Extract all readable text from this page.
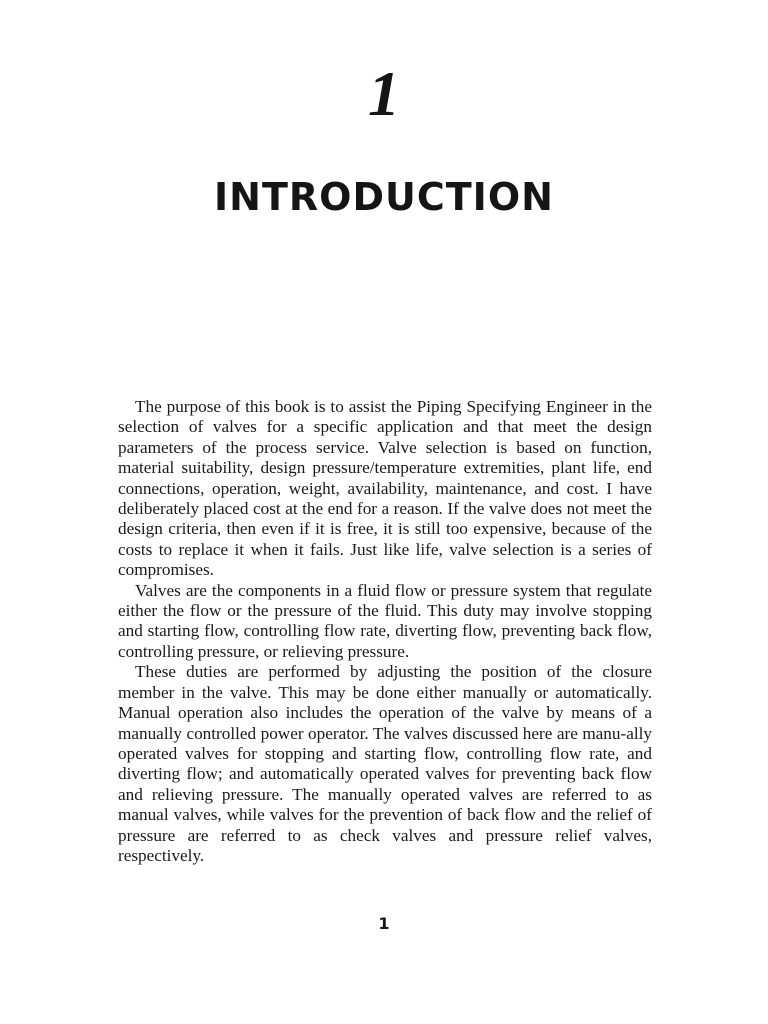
1
INTRODUCTION

The purpose of this book is to assist the Piping Specifying Engineer in the selection of valves for a specific application and that meet the design parameters of the process service. Valve selection is based on function, material suitability, design pressure/temperature extremities, plant life, end connections, operation, weight, availability, maintenance, and cost. I have deliberately placed cost at the end for a reason. If the valve does not meet the design criteria, then even if it is free, it is still too expensive, because of the costs to replace it when it fails. Just like life, valve selection is a series of compromises.

Valves are the components in a fluid flow or pressure system that regulate either the flow or the pressure of the fluid. This duty may involve stopping and starting flow, controlling flow rate, diverting flow, preventing back flow, controlling pressure, or relieving pressure.

These duties are performed by adjusting the position of the closure member in the valve. This may be done either manually or automatically. Manual operation also includes the operation of the valve by means of a manually controlled power operator. The valves discussed here are manu-ally operated valves for stopping and starting flow, controlling flow rate, and diverting flow; and automatically operated valves for preventing back flow and relieving pressure. The manually operated valves are referred to as manual valves, while valves for the prevention of back flow and the relief of pressure are referred to as check valves and pressure relief valves, respectively.

1
